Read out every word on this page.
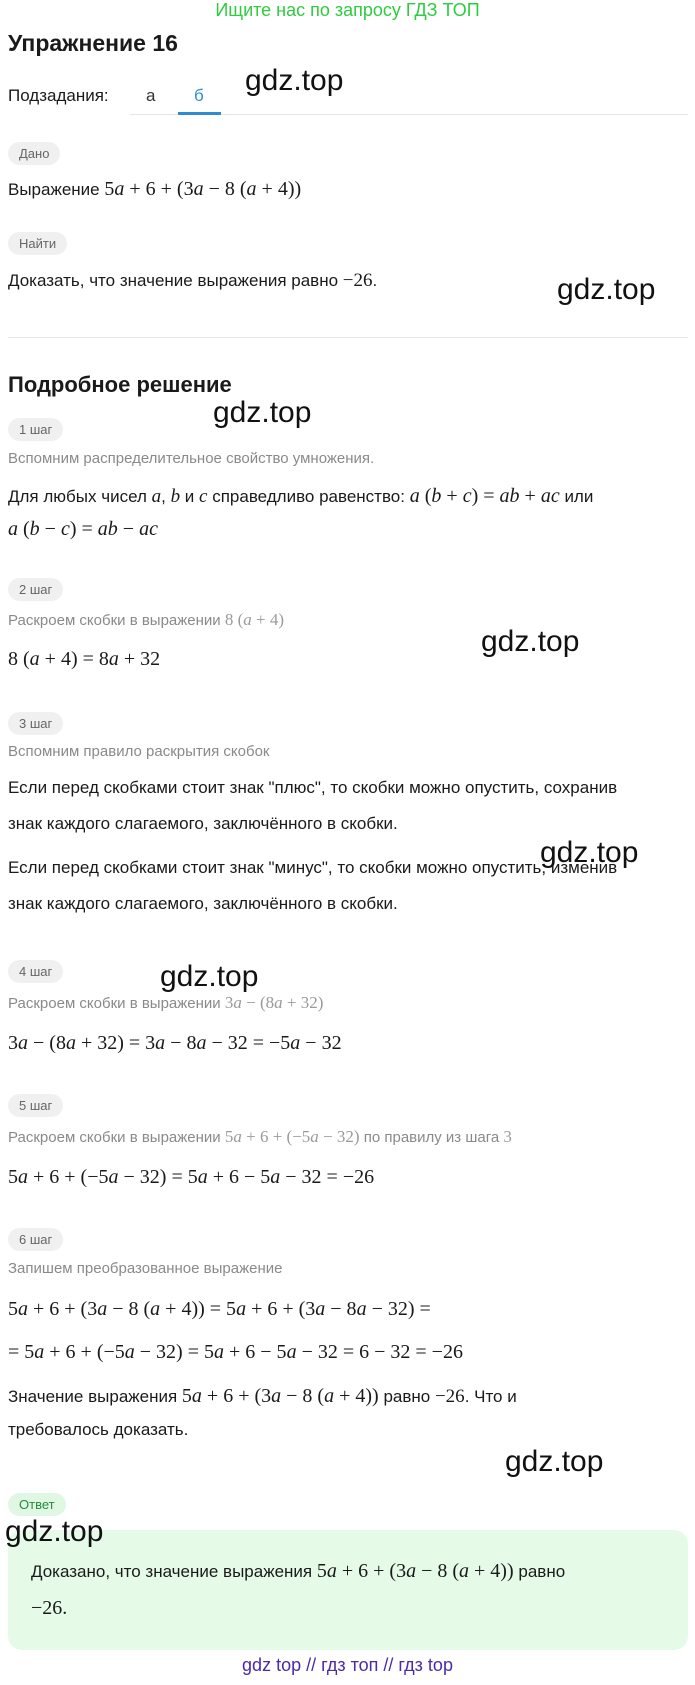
Ищите нас по запросу ГДЗ ТОП
Упражнение 16
Подзадания: а б
Дано
Выражение 5a + 6 + (3a − 8 (a + 4))
Найти
Доказать, что значение выражения равно −26.
Подробное решение
1 шаг
Вспомним распределительное свойство умножения.
Для любых чисел a, b и c справедливо равенство: a (b + c) = ab + ac или
a (b − c) = ab − ac
2 шаг
Раскроем скобки в выражении 8 (a + 4)
8 (a + 4) = 8a + 32
3 шаг
Вспомним правило раскрытия скобок
Если перед скобками стоит знак "плюс", то скобки можно опустить, сохранив
знак каждого слагаемого, заключённого в скобки.
Если перед скобками стоит знак "минус", то скобки можно опустить, изменив
знак каждого слагаемого, заключённого в скобки.
4 шаг
Раскроем скобки в выражении 3a − (8a + 32)
3a − (8a + 32) = 3a − 8a − 32 = −5a − 32
5 шаг
Раскроем скобки в выражении 5a + 6 + (−5a − 32) по правилу из шага 3
5a + 6 + (−5a − 32) = 5a + 6 − 5a − 32 = −26
6 шаг
Запишем преобразованное выражение
5a + 6 + (3a − 8 (a + 4)) = 5a + 6 + (3a − 8a − 32) =
= 5a + 6 + (−5a − 32) = 5a + 6 − 5a − 32 = 6 − 32 = −26
Значение выражения 5a + 6 + (3a − 8 (a + 4)) равно −26. Что и
требовалось доказать.
Ответ
Доказано, что значение выражения 5a + 6 + (3a − 8 (a + 4)) равно
−26.
gdz.top
gdz.top
gdz.top
gdz.top
gdz.top
gdz.top
gdz.top
gdz.top
gdz top // гдз топ // гдз top
